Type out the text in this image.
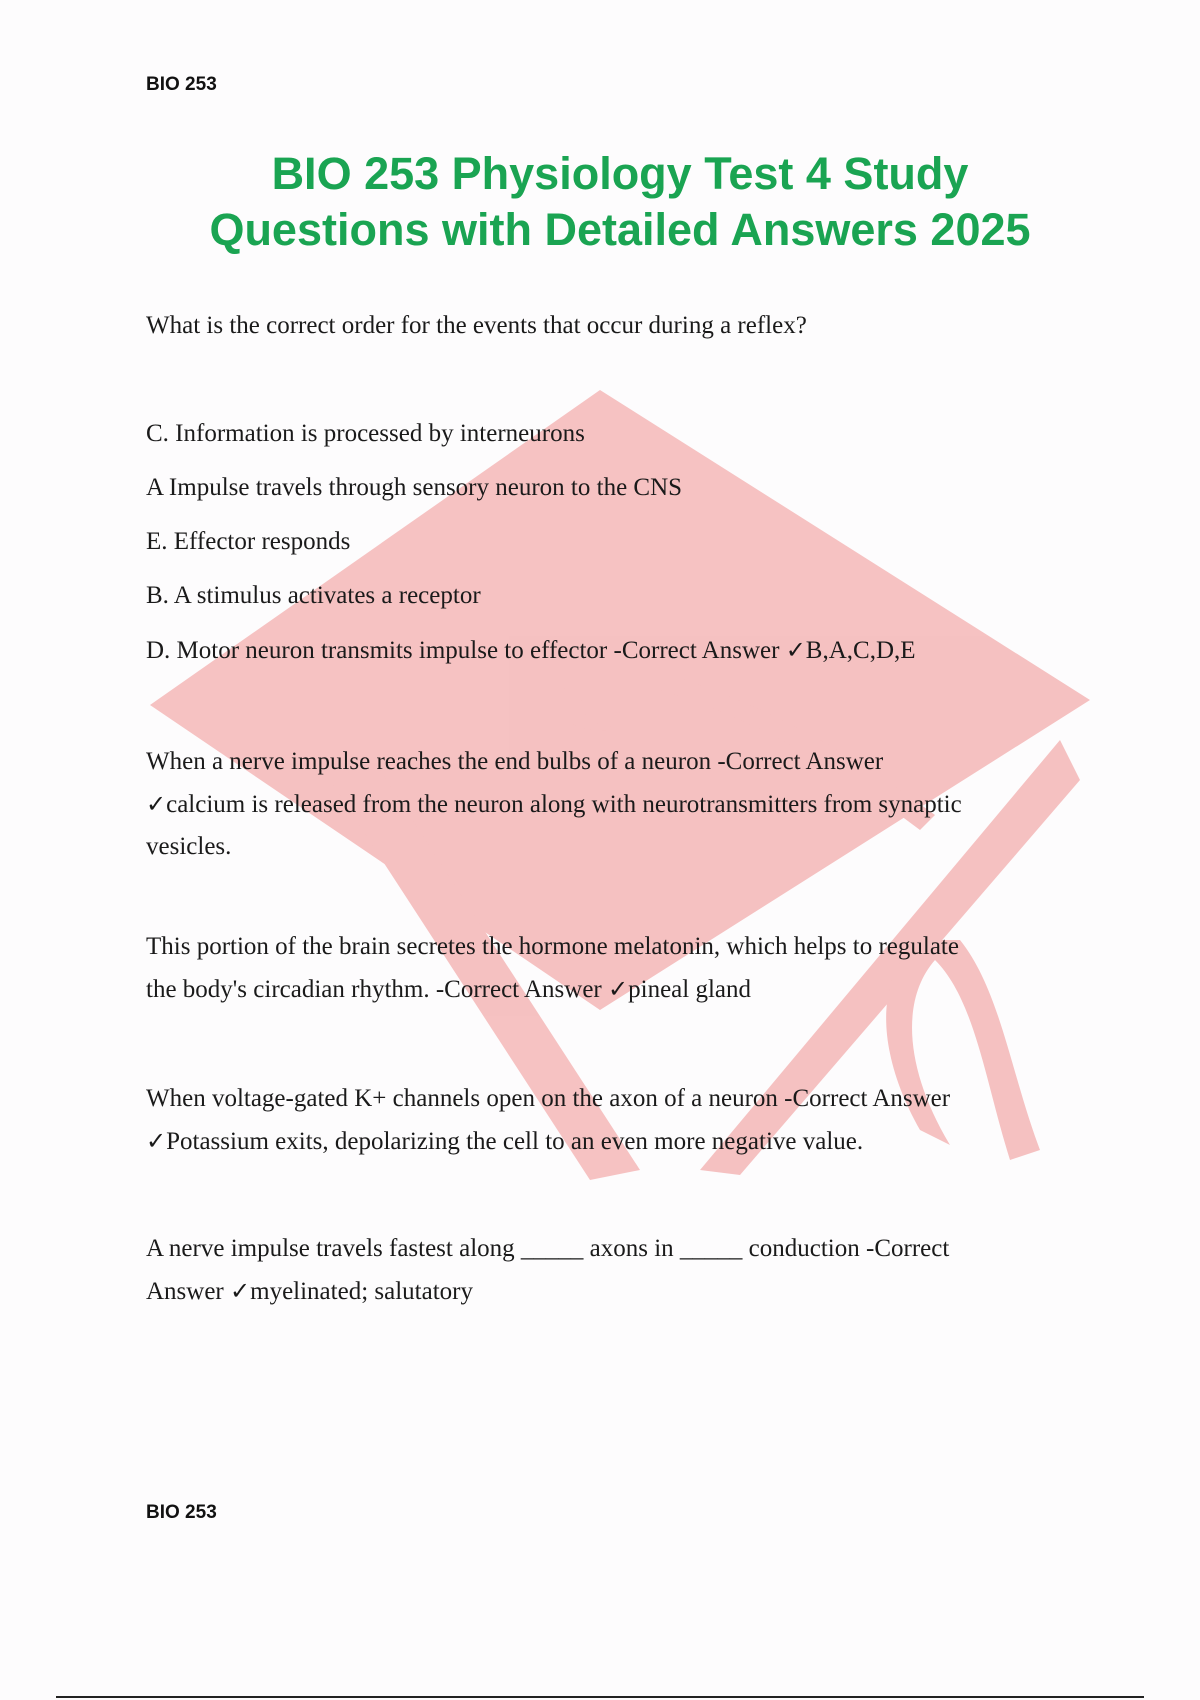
BIO 253
BIO 253 Physiology Test 4 Study
Questions with Detailed Answers 2025
What is the correct order for the events that occur during a reflex?
C. Information is processed by interneurons
A Impulse travels through sensory neuron to the CNS
E. Effector responds
B. A stimulus activates a receptor
D. Motor neuron transmits impulse to effector -Correct Answer ✓B,A,C,D,E

When a nerve impulse reaches the end bulbs of a neuron -Correct Answer

✓calcium is released from the neuron along with neurotransmitters from synaptic

vesicles.

This portion of the brain secretes the hormone melatonin, which helps to regulate

the body's circadian rhythm. -Correct Answer ✓pineal gland

When voltage-gated K+ channels open on the axon of a neuron -Correct Answer

✓Potassium exits, depolarizing the cell to an even more negative value.

A nerve impulse travels fastest along _____ axons in _____ conduction -Correct

Answer ✓myelinated; salutatory

BIO 253
